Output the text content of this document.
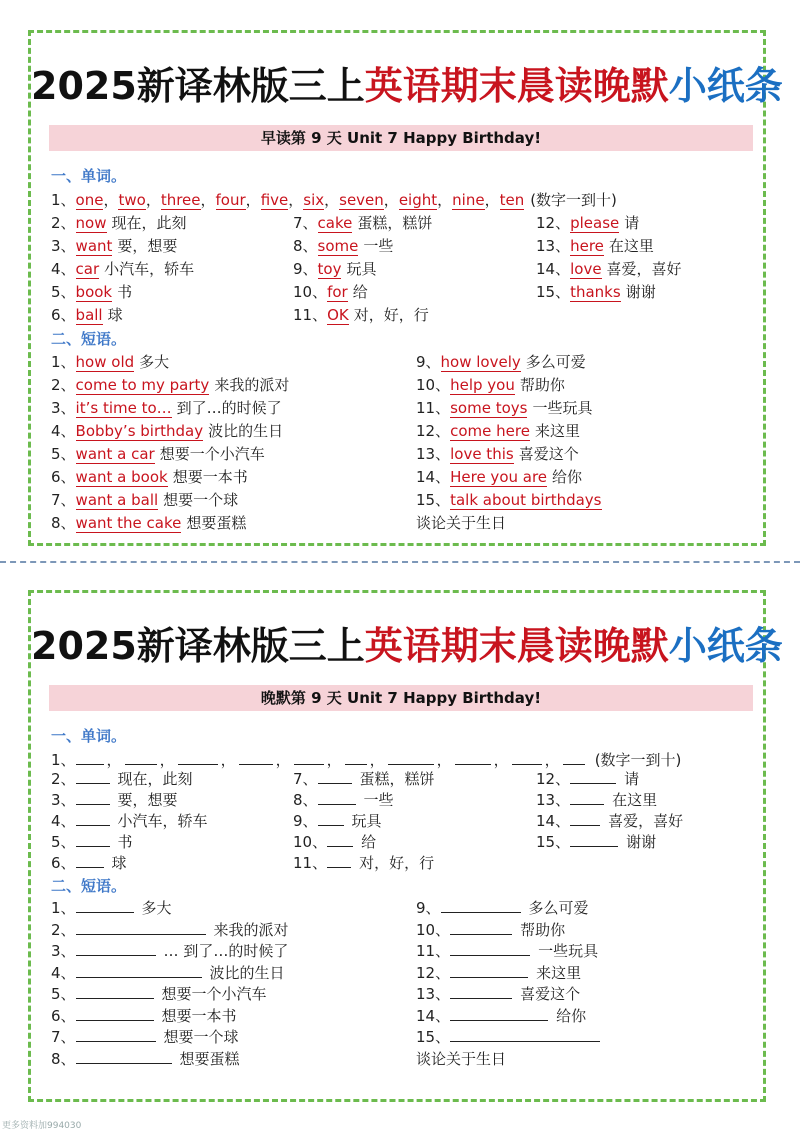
2025新译林版三上英语期末晨读晚默小纸条
早读第 9 天 Unit 7 Happy Birthday!
一、单词。
1、one，two，three，four，five，six，seven，eight，nine，ten (数字一到十)
2、now 现在，此刻
3、want 要，想要
4、car 小汽车，轿车
5、book 书
6、ball 球
7、cake 蛋糕，糕饼
8、some 一些
9、toy 玩具
10、for 给
11、OK 对，好，行
12、please 请
13、here 在这里
14、love 喜爱，喜好
15、thanks 谢谢
二、短语。
1、how old 多大
2、come to my party 来我的派对
3、it’s time to… 到了…的时候了
4、Bobby’s birthday 波比的生日
5、want a car 想要一个小汽车
6、want a book 想要一本书
7、want a ball 想要一个球
8、want the cake 想要蛋糕
9、how lovely 多么可爱
10、help you 帮助你
11、some toys 一些玩具
12、come here 来这里
13、love this 喜爱这个
14、Here you are 给你
15、talk about birthdays
谈论关于生日
2025新译林版三上英语期末晨读晚默小纸条
晚默第 9 天 Unit 7 Happy Birthday!
一、单词。
1、 ，	，	，	， ， ，	，	， ， (数字一到十)
2、	现在，此刻
3、	要，想要
4、	小汽车，轿车
5、	书
6、 球
7、	蛋糕，糕饼
8、	一些
9、 玩具
10、 给
11、 对，好，行
12、	请
13、	在这里
14、	喜爱，喜好
15、	谢谢
二、短语。
1、	多大
2、	来我的派对
3、	… 到了…的时候了
4、	波比的生日
5、	想要一个小汽车
6、	想要一本书
7、	想要一个球
8、	想要蛋糕
9、	多么可爱
10、	帮助你
11、	一些玩具
12、	来这里
13、	喜爱这个
14、	给你
15、
谈论关于生日
更多资料加994030
